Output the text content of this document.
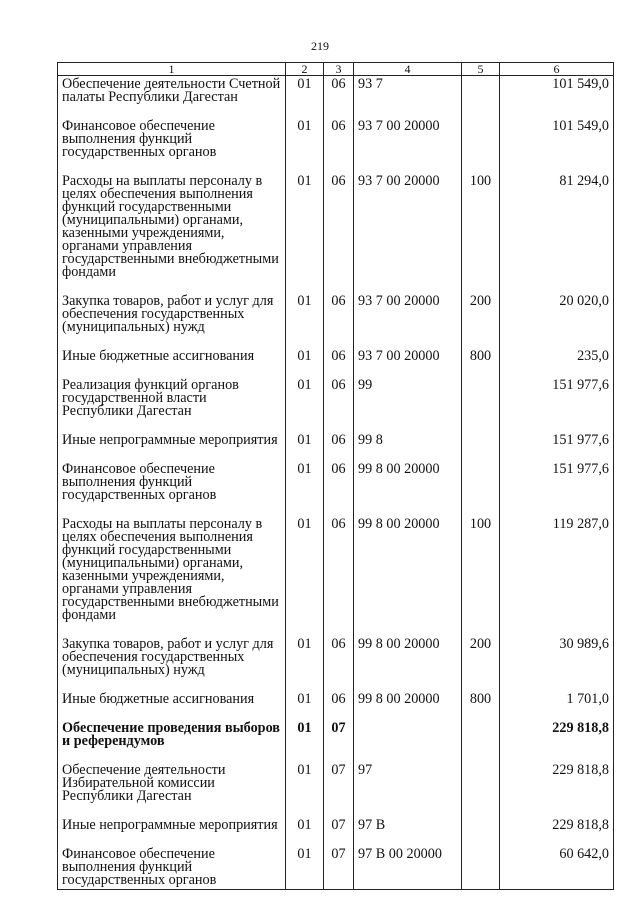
219
1	2	3	4	5	6
Обеспечение деятельности Счетной палаты Республики Дагестан	01	06	93 7		101 549,0
Финансовое обеспечение выполнения функций государственных органов	01	06	93 7 00 20000		101 549,0
Расходы на выплаты персоналу в целях обеспечения выполнения функций государственными (муниципальными) органами, казенными учреждениями, органами управления государственными внебюджетными фондами	01	06	93 7 00 20000	100	81 294,0
Закупка товаров, работ и услуг для обеспечения государственных (муниципальных) нужд	01	06	93 7 00 20000	200	20 020,0
Иные бюджетные ассигнования	01	06	93 7 00 20000	800	235,0
Реализация функций органов государственной власти Республики Дагестан	01	06	99		151 977,6
Иные непрограммные мероприятия	01	06	99 8		151 977,6
Финансовое обеспечение выполнения функций государственных органов	01	06	99 8 00 20000		151 977,6
Расходы на выплаты персоналу в целях обеспечения выполнения функций государственными (муниципальными) органами, казенными учреждениями, органами управления государственными внебюджетными фондами	01	06	99 8 00 20000	100	119 287,0
Закупка товаров, работ и услуг для обеспечения государственных (муниципальных) нужд	01	06	99 8 00 20000	200	30 989,6
Иные бюджетные ассигнования	01	06	99 8 00 20000	800	1 701,0
Обеспечение проведения выборов и референдумов	01	07			229 818,8
Обеспечение деятельности Избирательной комиссии Республики Дагестан	01	07	97		229 818,8
Иные непрограммные мероприятия	01	07	97 В		229 818,8
Финансовое обеспечение выполнения функций государственных органов	01	07	97 В 00 20000		60 642,0
